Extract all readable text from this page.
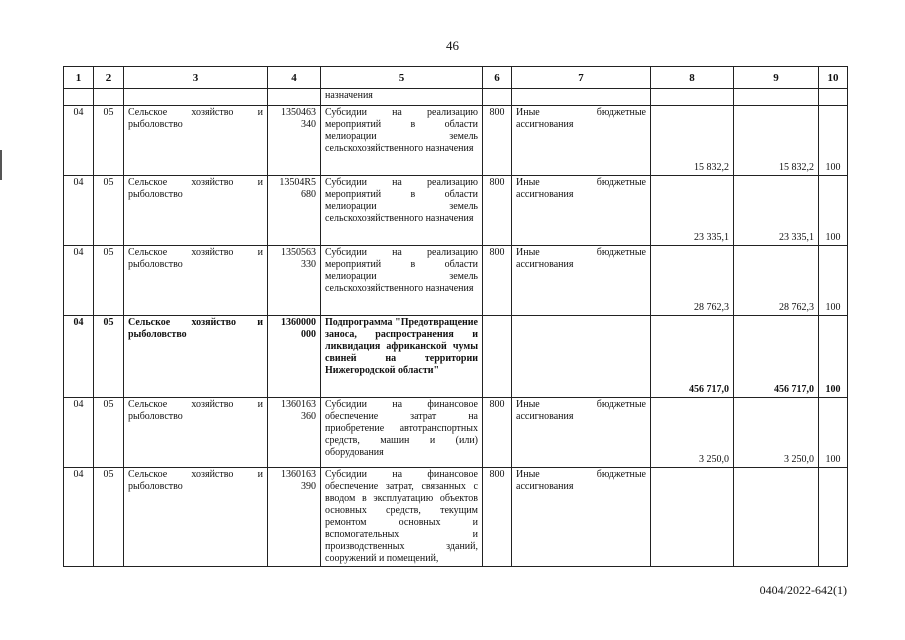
46
1	2	3	4	5	6	7	8	9	10
				назначения					
04	05	Сельское хозяйство и рыболовство	1350463 340	Субсидии на реализацию мероприятий в области мелиорации земель сельскохозяйственного назначения	800	Иные бюджетные ассигнования	15 832,2	15 832,2	100
04	05	Сельское хозяйство и рыболовство	13504R5 680	Субсидии на реализацию мероприятий в области мелиорации земель сельскохозяйственного назначения	800	Иные бюджетные ассигнования	23 335,1	23 335,1	100
04	05	Сельское хозяйство и рыболовство	1350563 330	Субсидии на реализацию мероприятий в области мелиорации земель сельскохозяйственного назначения	800	Иные бюджетные ассигнования	28 762,3	28 762,3	100
04	05	Сельское хозяйство и рыболовство	1360000 000	Подпрограмма "Предотвращение заноса, распространения и ликвидация африканской чумы свиней на территории Нижегородской области"			456 717,0	456 717,0	100
04	05	Сельское хозяйство и рыболовство	1360163 360	Субсидии на финансовое обеспечение затрат на приобретение автотранспортных средств, машин и (или) оборудования	800	Иные бюджетные ассигнования	3 250,0	3 250,0	100
04	05	Сельское хозяйство и рыболовство	1360163 390	Субсидии на финансовое обеспечение затрат, связанных с вводом в эксплуатацию объектов основных средств, текущим ремонтом основных и вспомогательных и производственных зданий, сооружений и помещений,	800	Иные бюджетные ассигнования			
0404/2022-642(1)
